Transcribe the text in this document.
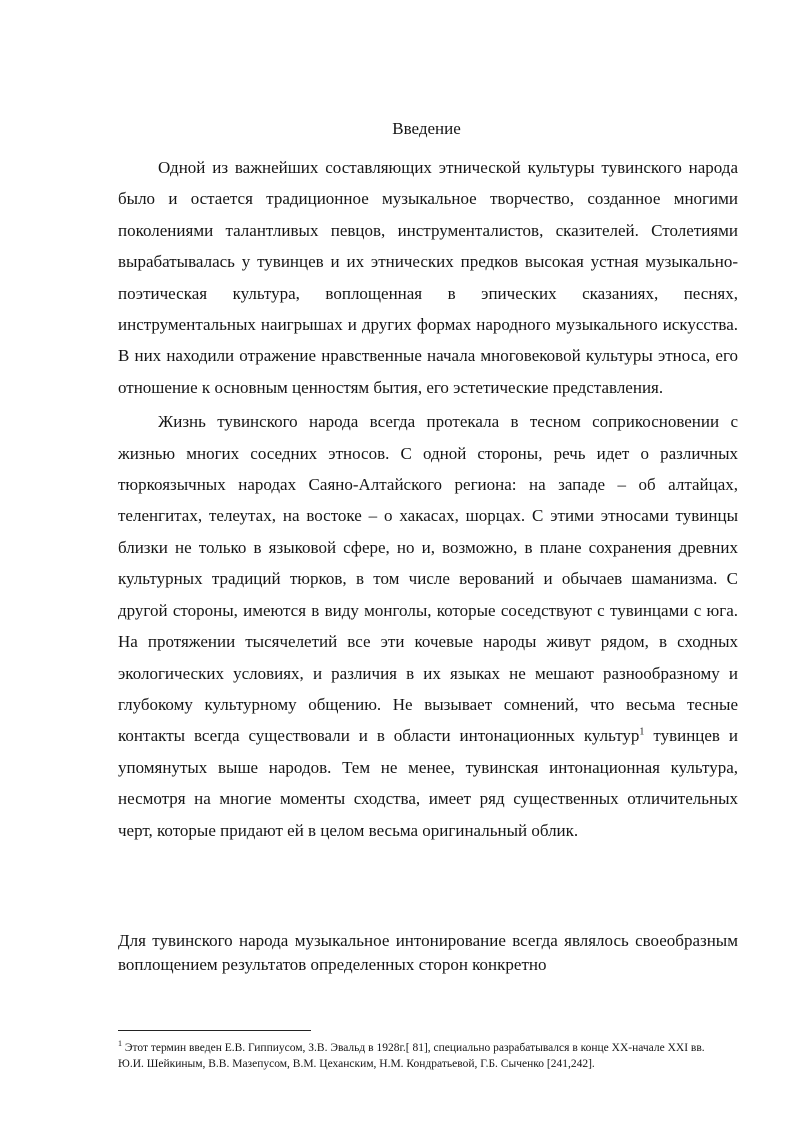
Введение

Одной из важнейших составляющих этнической культуры тувинского народа было и остается традиционное музыкальное творчество, созданное многими поколениями талантливых певцов, инструменталистов, сказителей. Столетиями вырабатывалась у тувинцев и их этнических предков высокая устная музыкально-поэтическая культура, воплощенная в эпических сказаниях, песнях, инструментальных наигрышах и других формах народного музыкального искусства. В них находили отражение нравственные начала многовековой культуры этноса, его отношение к основным ценностям бытия, его эстетические представления.

Жизнь тувинского народа всегда протекала в тесном соприкосновении с жизнью многих соседних этносов. С одной стороны, речь идет о различных тюркоязычных народах Саяно-Алтайского региона: на западе – об алтайцах, теленгитах, телеутах, на востоке – о хакасах, шорцах. С этими этносами тувинцы близки не только в языковой сфере, но и, возможно, в плане сохранения древних культурных традиций тюрков, в том числе верований и обычаев шаманизма. С другой стороны, имеются в виду монголы, которые соседствуют с тувинцами с юга. На протяжении тысячелетий все эти кочевые народы живут рядом, в сходных экологических условиях, и различия в их языках не мешают разнообразному и глубокому культурному общению. Не вызывает сомнений, что весьма тесные контакты всегда существовали и в области интонационных культур$^1$ тувинцев и упомянутых выше народов. Тем не менее, тувинская интонационная культура, несмотря на многие моменты сходства, имеет ряд существенных отличительных черт, которые придают ей в целом весьма оригинальный облик.

Для тувинского народа музыкальное интонирование всегда являлось своеобразным воплощением результатов определенных сторон конкретно

$^1$ Этот термин введен Е.В. Гиппиусом, З.В. Эвальд в 1928г.[ 81], специально разрабатывался в конце XX-начале XXI вв. Ю.И. Шейкиным, В.В. Мазепусом, В.М. Цеханским, Н.М. Кондратьевой, Г.Б. Сыченко [241,242].
